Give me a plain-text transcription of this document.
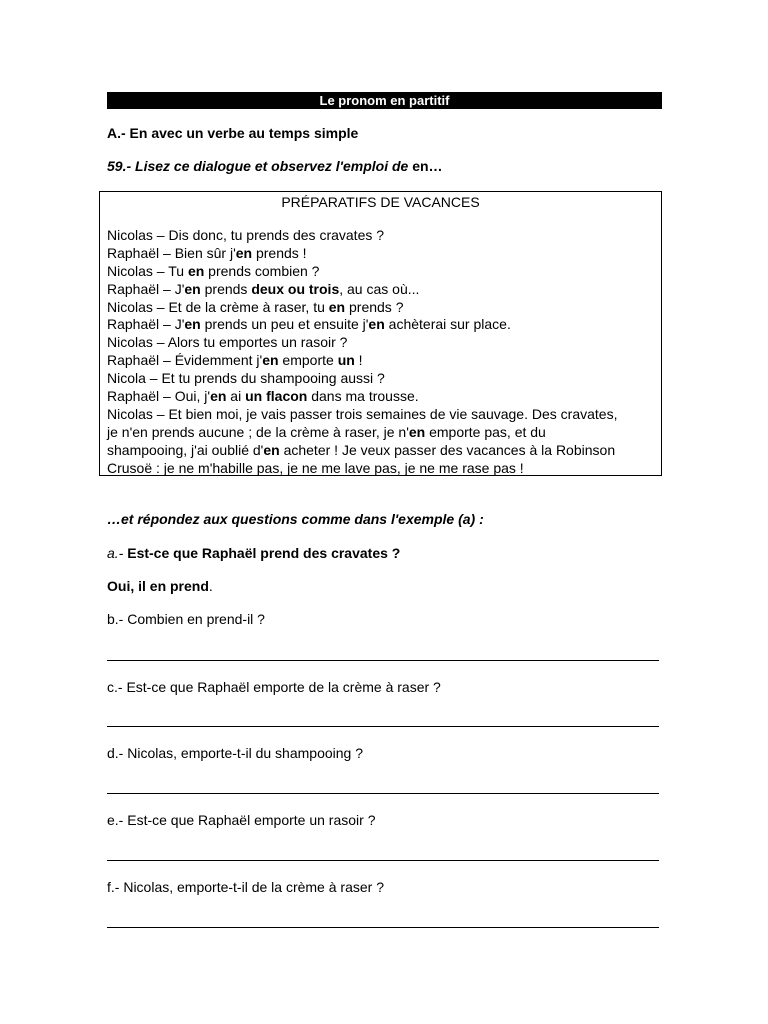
Le pronom en partitif
A.- En avec un verbe au temps simple
59.- Lisez ce dialogue et observez l'emploi de en…
PRÉPARATIFS DE VACANCES
Nicolas – Dis donc, tu prends des cravates ?
Raphaël – Bien sûr j'en prends !
Nicolas – Tu en prends combien ?
Raphaël – J'en prends deux ou trois, au cas où...
Nicolas – Et de la crème à raser, tu en prends ?
Raphaël – J'en prends un peu et ensuite j'en achèterai sur place.
Nicolas – Alors tu emportes un rasoir ?
Raphaël – Évidemment j'en emporte un !
Nicola – Et tu prends du shampooing aussi ?
Raphaël – Oui, j'en ai un flacon dans ma trousse.
Nicolas – Et bien moi, je vais passer trois semaines de vie sauvage. Des cravates,
je n'en prends aucune ; de la crème à raser, je n'en emporte pas, et du
shampooing, j'ai oublié d'en acheter ! Je veux passer des vacances à la Robinson
Crusoë : je ne m'habille pas, je ne me lave pas, je ne me rase pas !
…et répondez aux questions comme dans l'exemple (a) :
a.- Est-ce que Raphaël prend des cravates ?
Oui, il en prend.
b.- Combien en prend-il ?
c.- Est-ce que Raphaël emporte de la crème à raser ?
d.- Nicolas, emporte-t-il du shampooing ?
e.- Est-ce que Raphaël emporte un rasoir ?
f.- Nicolas, emporte-t-il de la crème à raser ?
